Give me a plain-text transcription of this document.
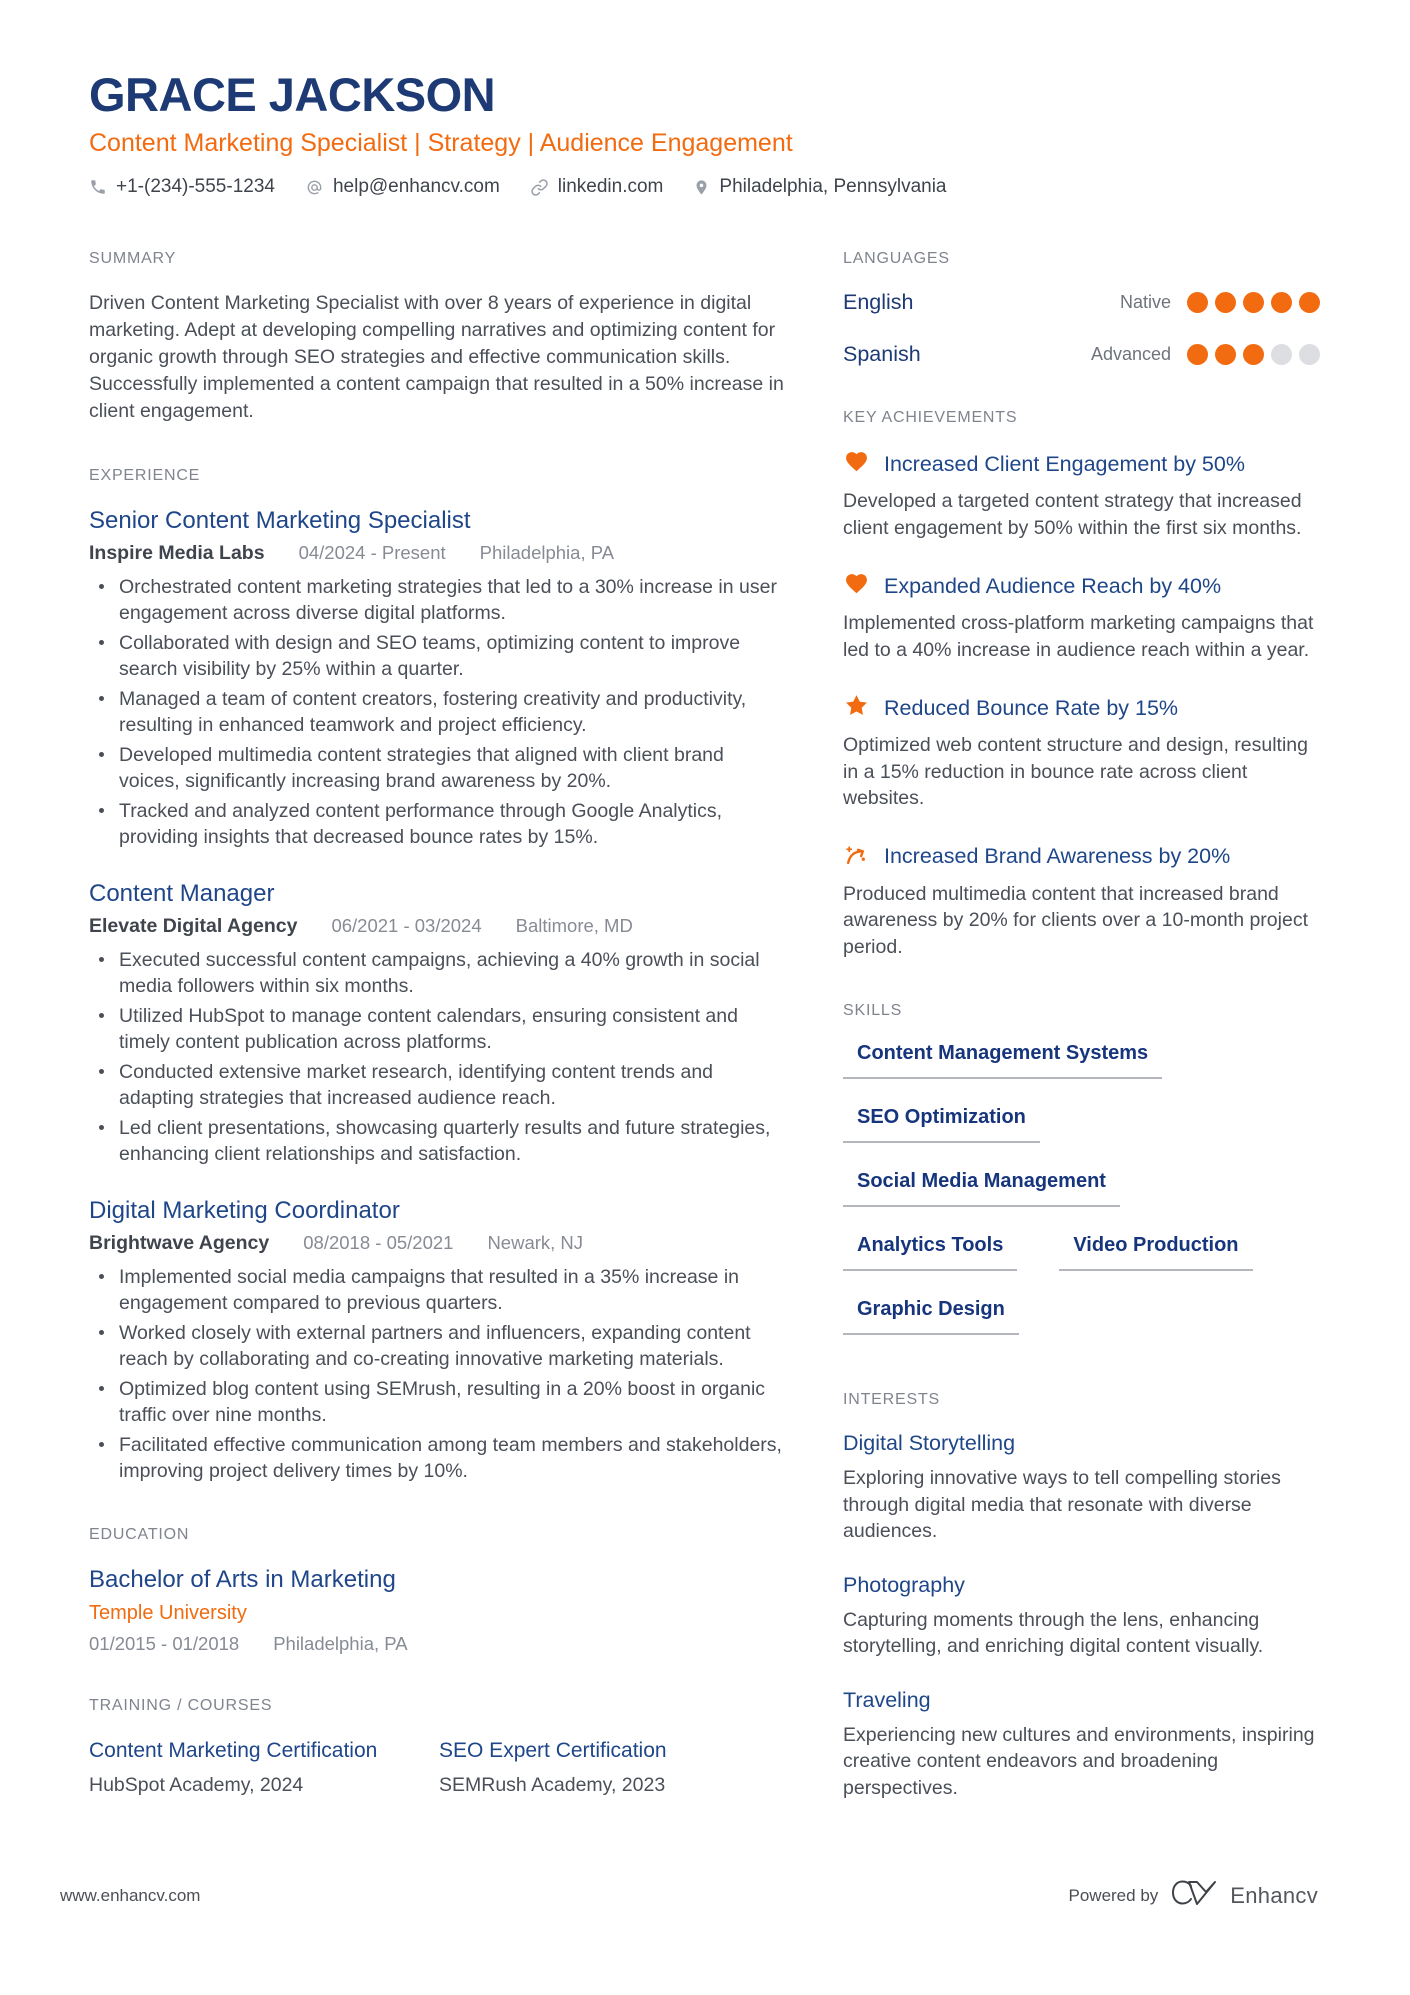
GRACE JACKSON
Content Marketing Specialist | Strategy | Audience Engagement
+1-(234)-555-1234	help@enhancv.com	linkedin.com	Philadelphia, Pennsylvania
SUMMARY

Driven Content Marketing Specialist with over 8 years of experience in digital marketing. Adept at developing compelling narratives and optimizing content for organic growth through SEO strategies and effective communication skills. Successfully implemented a content campaign that resulted in a 50% increase in client engagement.

EXPERIENCE
Senior Content Marketing Specialist
Inspire Media Labs 04/2024 - Present Philadelphia, PA
Orchestrated content marketing strategies that led to a 30% increase in user engagement across diverse digital platforms.
Collaborated with design and SEO teams, optimizing content to improve search visibility by 25% within a quarter.
Managed a team of content creators, fostering creativity and productivity, resulting in enhanced teamwork and project efficiency.
Developed multimedia content strategies that aligned with client brand voices, significantly increasing brand awareness by 20%.
Tracked and analyzed content performance through Google Analytics, providing insights that decreased bounce rates by 15%.
Content Manager
Elevate Digital Agency 06/2021 - 03/2024 Baltimore, MD
Executed successful content campaigns, achieving a 40% growth in social media followers within six months.
Utilized HubSpot to manage content calendars, ensuring consistent and timely content publication across platforms.
Conducted extensive market research, identifying content trends and adapting strategies that increased audience reach.
Led client presentations, showcasing quarterly results and future strategies, enhancing client relationships and satisfaction.
Digital Marketing Coordinator
Brightwave Agency 08/2018 - 05/2021 Newark, NJ
Implemented social media campaigns that resulted in a 35% increase in engagement compared to previous quarters.
Worked closely with external partners and influencers, expanding content reach by collaborating and co-creating innovative marketing materials.
Optimized blog content using SEMrush, resulting in a 20% boost in organic traffic over nine months.
Facilitated effective communication among team members and stakeholders, improving project delivery times by 10%.
EDUCATION
Bachelor of Arts in Marketing
Temple University
01/2015 - 01/2018 Philadelphia, PA
TRAINING / COURSES
Content Marketing Certification
HubSpot Academy, 2024
SEO Expert Certification
SEMRush Academy, 2023
LANGUAGES
English	Native
Spanish	Advanced
KEY ACHIEVEMENTS
Increased Client Engagement by 50%
Developed a targeted content strategy that increased client engagement by 50% within the first six months.
Expanded Audience Reach by 40%
Implemented cross-platform marketing campaigns that led to a 40% increase in audience reach within a year.
Reduced Bounce Rate by 15%
Optimized web content structure and design, resulting in a 15% reduction in bounce rate across client websites.
Increased Brand Awareness by 20%
Produced multimedia content that increased brand awareness by 20% for clients over a 10-month project period.
SKILLS
Content Management Systems
SEO Optimization
Social Media Management
Analytics Tools	Video Production
Graphic Design
INTERESTS
Digital Storytelling
Exploring innovative ways to tell compelling stories through digital media that resonate with diverse audiences.
Photography
Capturing moments through the lens, enhancing storytelling, and enriching digital content visually.
Traveling
Experiencing new cultures and environments, inspiring creative content endeavors and broadening perspectives.
www.enhancv.com	Powered by	Enhancv
